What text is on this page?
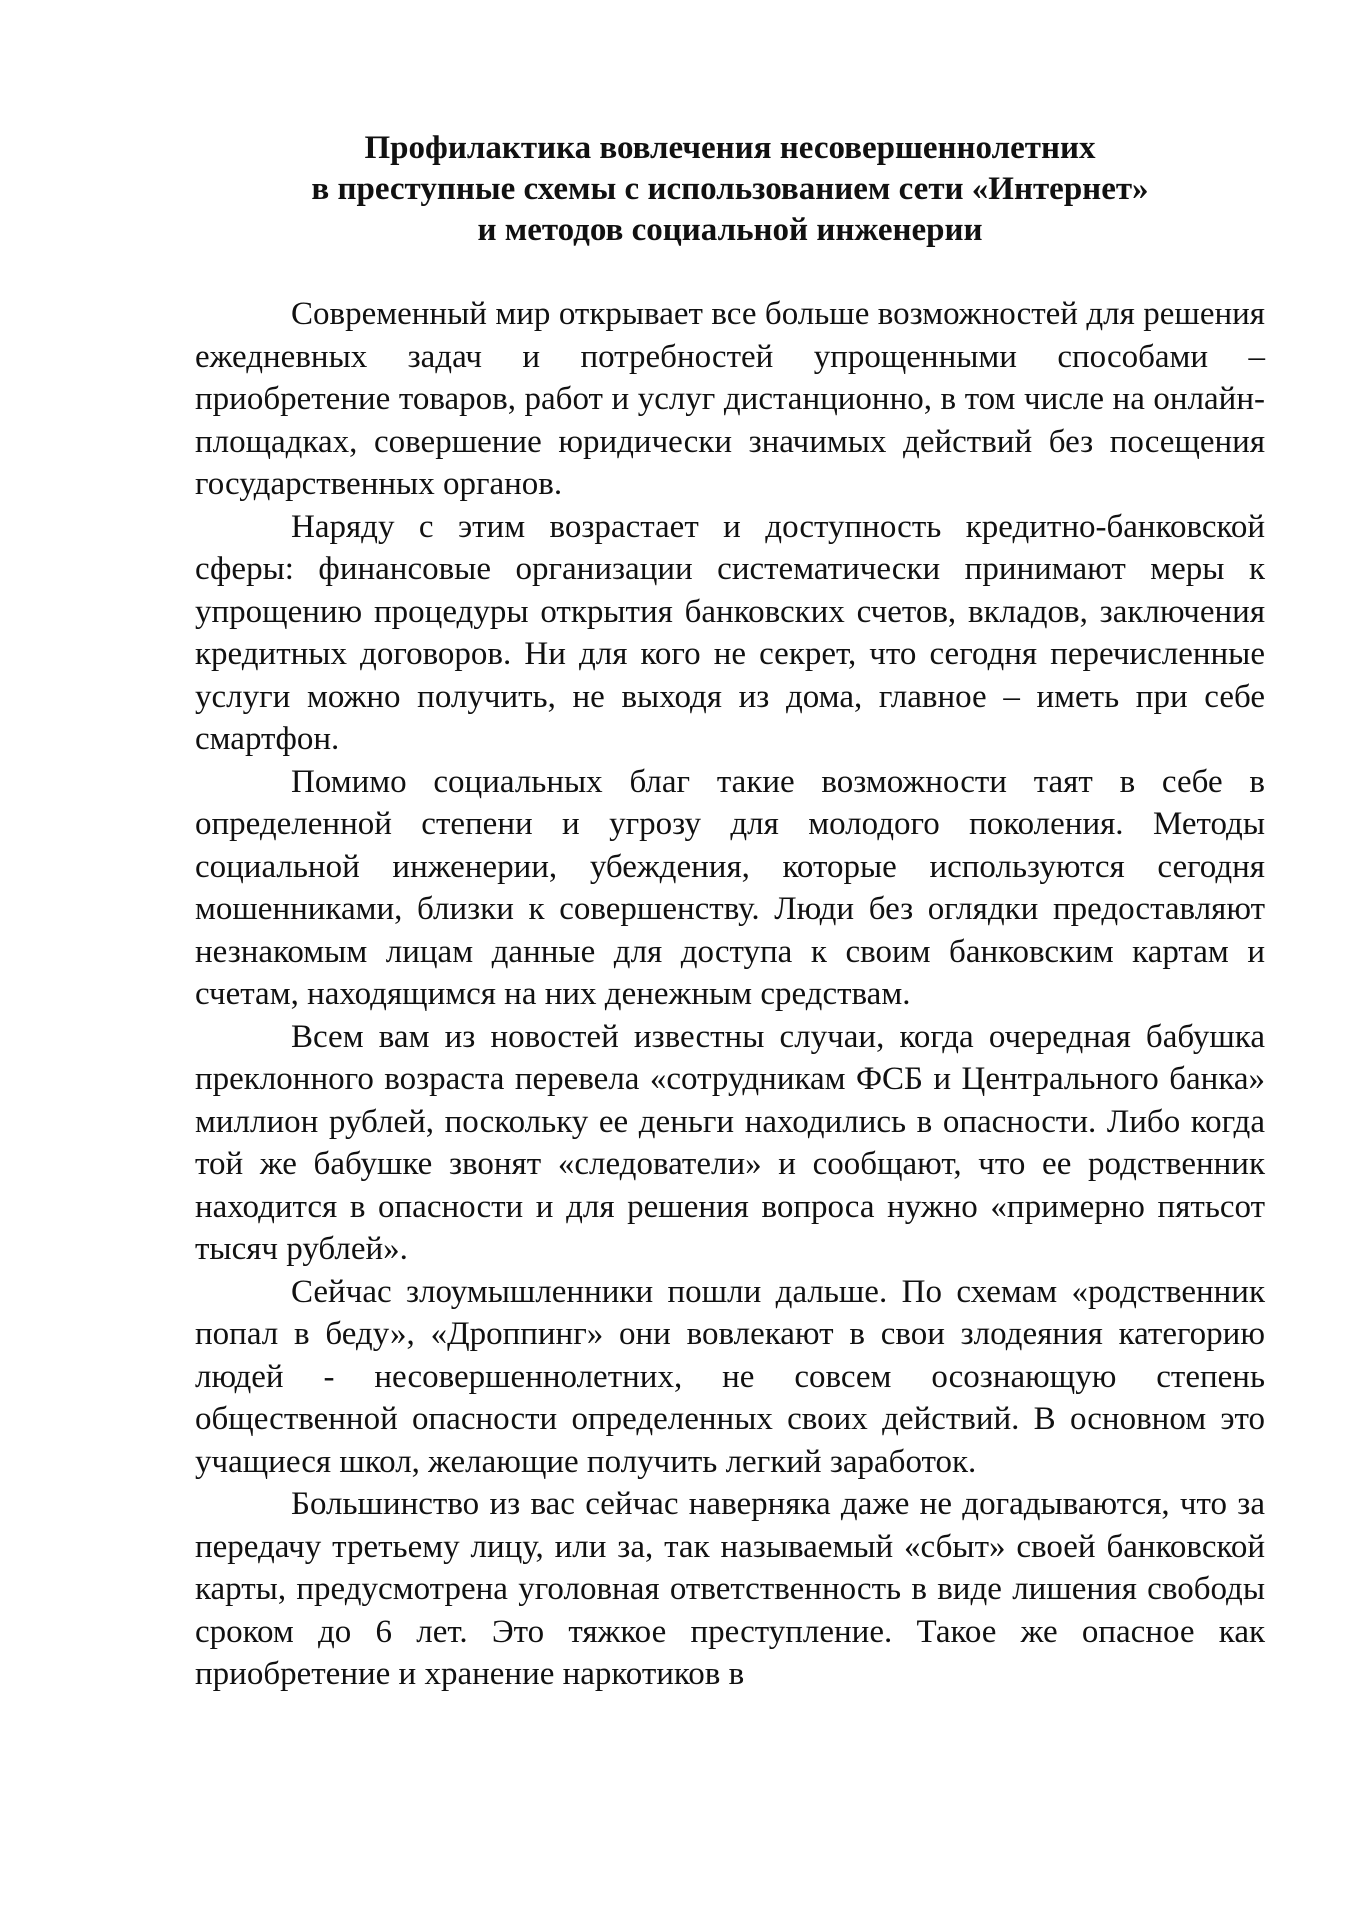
Профилактика вовлечения несовершеннолетних
в преступные схемы с использованием сети «Интернет»
и методов социальной инженерии

Современный мир открывает все больше возможностей для решения ежедневных задач и потребностей упрощенными способами – приобретение товаров, работ и услуг дистанционно, в том числе на онлайн-площадках, совершение юридически значимых действий без посещения государственных органов.

Наряду с этим возрастает и доступность кредитно-банковской сферы: финансовые организации систематически принимают меры к упрощению процедуры открытия банковских счетов, вкладов, заключения кредитных договоров. Ни для кого не секрет, что сегодня перечисленные услуги можно получить, не выходя из дома, главное – иметь при себе смартфон.

Помимо социальных благ такие возможности таят в себе в определенной степени и угрозу для молодого поколения. Методы социальной инженерии, убеждения, которые используются сегодня мошенниками, близки к совершенству. Люди без оглядки предоставляют незнакомым лицам данные для доступа к своим банковским картам и счетам, находящимся на них денежным средствам.

Всем вам из новостей известны случаи, когда очередная бабушка преклонного возраста перевела «сотрудникам ФСБ и Центрального банка» миллион рублей, поскольку ее деньги находились в опасности. Либо когда той же бабушке звонят «следователи» и сообщают, что ее родственник находится в опасности и для решения вопроса нужно «примерно пятьсот тысяч рублей».

Сейчас злоумышленники пошли дальше. По схемам «родственник попал в беду», «Дроппинг» они вовлекают в свои злодеяния категорию людей - несовершеннолетних, не совсем осознающую степень общественной опасности определенных своих действий. В основном это учащиеся школ, желающие получить легкий заработок.

Большинство из вас сейчас наверняка даже не догадываются, что за передачу третьему лицу, или за, так называемый «сбыт» своей банковской карты, предусмотрена уголовная ответственность в виде лишения свободы сроком до 6 лет. Это тяжкое преступление. Такое же опасное как приобретение и хранение наркотиков в
